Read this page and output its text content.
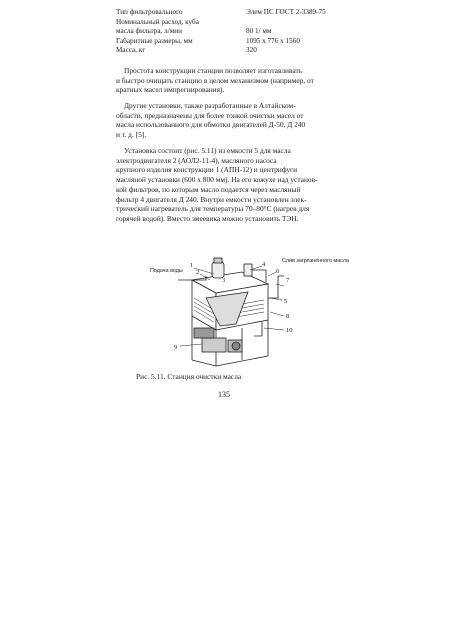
Тип фильтровального	Элем ПС ГОСТ 2-3389-75
Номинальный расход, куба
масла фильтра, л/мин	80 1/ мм
Габаритные размеры, мм	1095 х 776 х 1560
Масса, кг	320
Простота конструкции станции позволяет изготавливать
и быстро очищать станцию в целом механизмом (например, от
кратных масел импрегнирования).
Другие установки, также разработанные в Алтайском-
области, предназначены для более тонкой очистки масел от
масла использованного для обмотки двигателей Д-50, Д 240
и т. д. [5].
Установка состоит (рис. 5.11) из емкости 5 для масла
электродвигателя 2 (АОЛ2-11-4), масляного насоса
крупного изделия конструкции 1 (АПН-12) и центрифуги
масляной установки (600 х 800 мм). На его кожухе над установ-
кой фильтров, по которым масло подается через масляный
фильтр 4 двигателя Д 240. Внутри емкости установлен элек-
трический нагреватель для температуры 70–80°С (нагрев для
горячей водой). Вместо змеевика можно установить ТЭН.
Подача воды
Слив загрязнённого масла
1
2
3
4
5
6
7
8
9
10
Рис. 5.11. Станция очистки масла
135
